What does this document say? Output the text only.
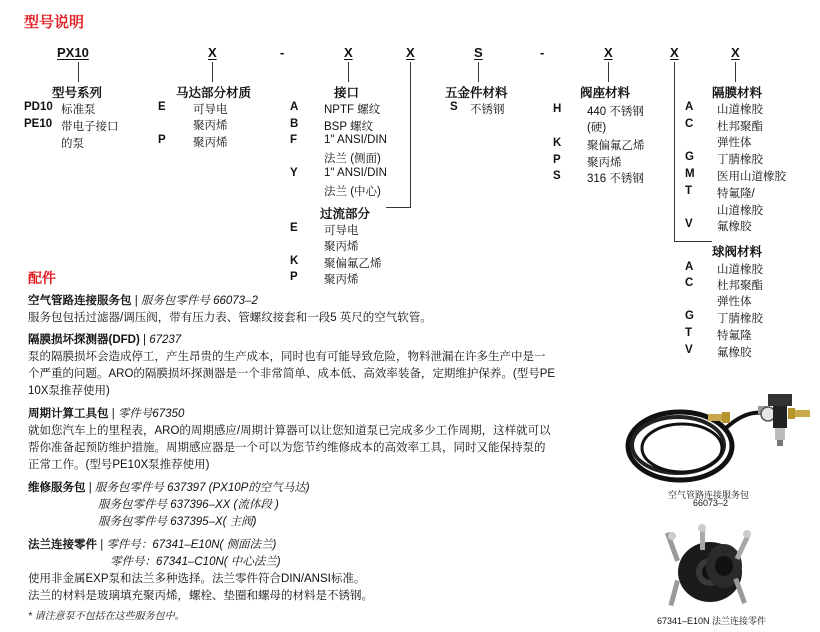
型号说明
PX10	X	-	X	X	S	-	X	X	X
型号系列
PD10 标准泵
PE10 带电子接口
的泵
马达部分材质
E 可导电
聚丙烯
P 聚丙烯
接口
A NPTF 螺纹
B BSP 螺纹
F 1" ANSI/DIN
法兰 (侧面)
Y 1" ANSI/DIN
法兰 (中心)
过流部分
E 可导电
聚丙烯
K 聚偏氟乙烯
P 聚丙烯
五金件材料
S 不锈钢
阀座材料
H 440 不锈钢
(硬)
K 聚偏氟乙烯
P 聚丙烯
S 316 不锈钢
隔膜材料
A 山道橡胶
C 杜邦聚酯
弹性体
G 丁腈橡胶
M 医用山道橡胶
T 特氟隆/
山道橡胶
V 氟橡胶
球阀材料
A 山道橡胶
C 杜邦聚酯
弹性体
G 丁腈橡胶
T 特氟隆
V 氟橡胶
配件
空气管路连接服务包 | 服务包零件号 66073–2
服务包包括过滤器/调压阀，带有压力表、管螺纹接套和一段5 英尺的空气软管。
隔膜损坏探测器(DFD) | 67237
泵的隔膜损坏会造成停工，产生昂贵的生产成本，同时也有可能导致危险，物料泄漏在许多生产中是一
个严重的问题。ARO的隔膜损坏探测器是一个非常简单、成本低、高效率装备，定期维护保养。(型号PE
10X泵推荐使用)
周期计算工具包 | 零件号67350
就如您汽车上的里程表，ARO的周期感应/周期计算器可以让您知道泵已完成多少工作周期，这样就可以
帮你准备起预防维护措施。周期感应器是一个可以为您节约维修成本的高效率工具，同时又能保持泵的
正常工作。(型号PE10X泵推荐使用)
维修服务包 | 服务包零件号 637397 (PX10P的空气马达)
服务包零件号 637396–XX (流体段 )
服务包零件号 637395–X( 主阀)
法兰连接零件 | 零件号：67341–E10N( 侧面法兰)
零件号：67341–C10N( 中心法兰)
使用非金属EXP泵和法兰多种选择。法兰零件符合DIN/ANSI标准。
法兰的材料是玻璃填充聚丙烯，螺栓、垫圈和螺母的材料是不锈钢。
* 请注意泵不包括在这些服务包中。
空气管路连接服务包
66073–2
67341–E10N 法兰连接零件
